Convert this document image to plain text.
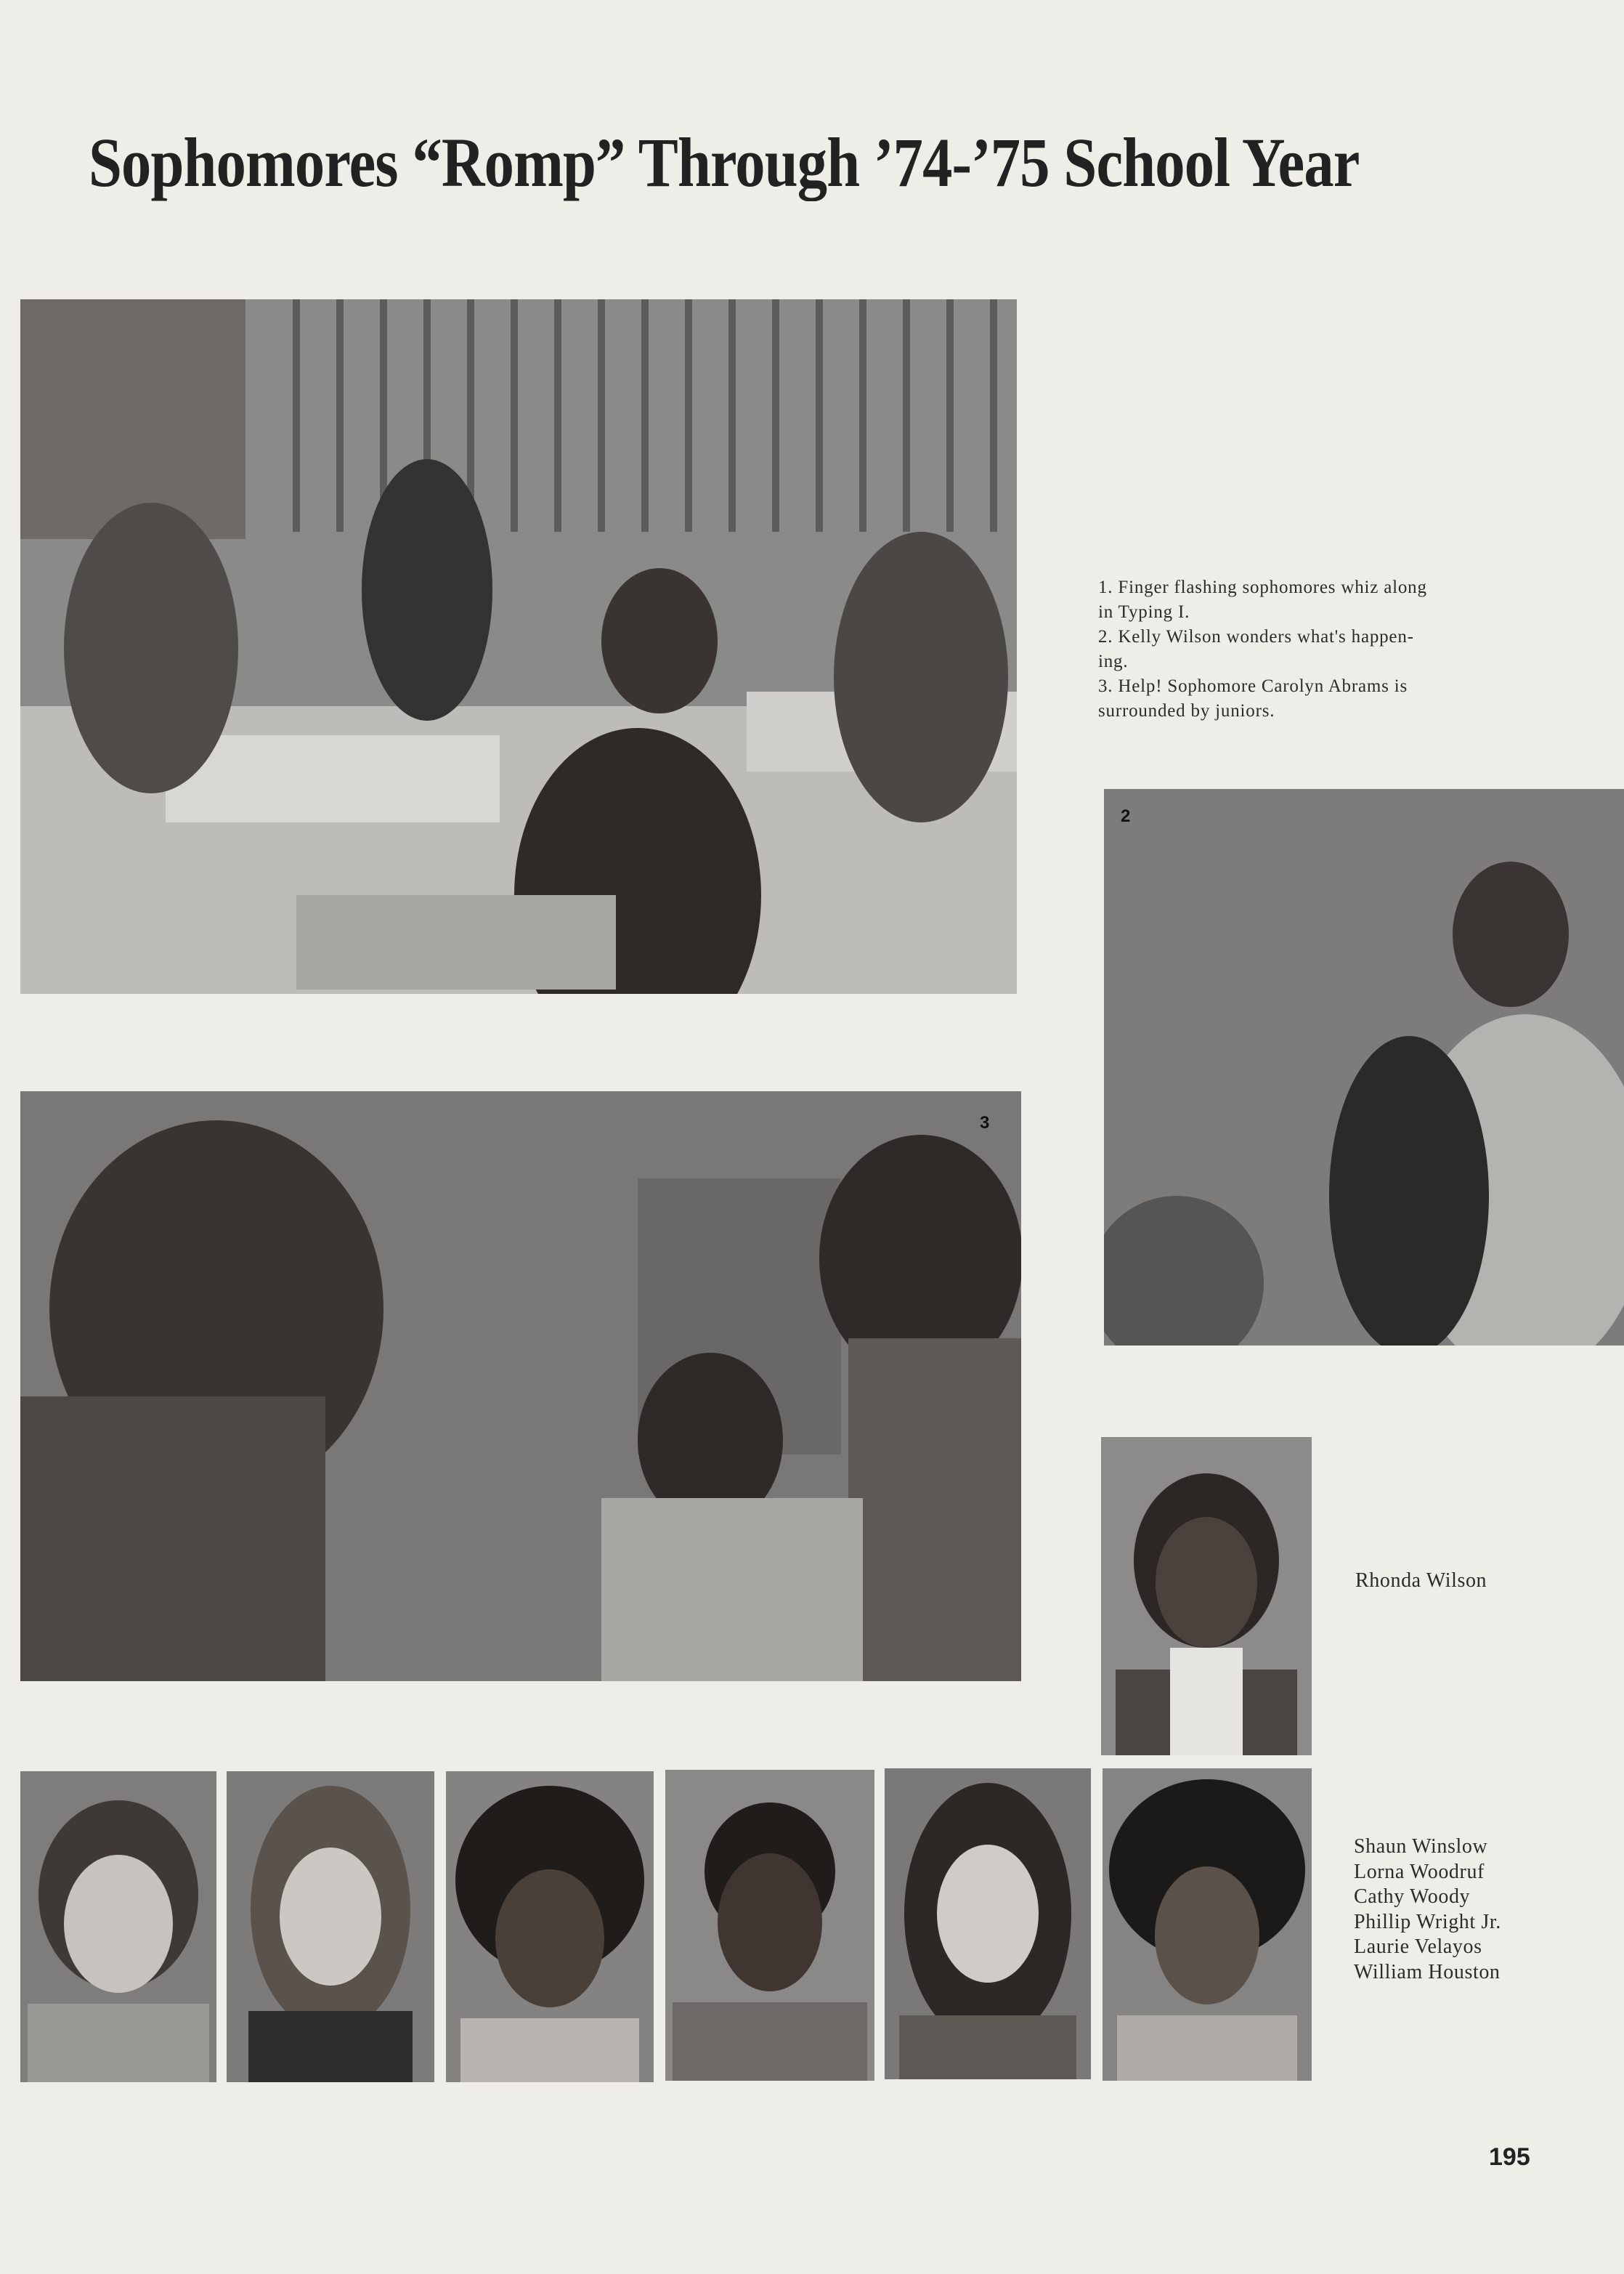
Sophomores “Romp” Through ’74-’75 School Year
2
3
1. Finger flashing sophomores whiz along
in Typing I.
2. Kelly Wilson wonders what's happen-
ing.
3. Help! Sophomore Carolyn Abrams is
surrounded by juniors.
Rhonda Wilson
Shaun Winslow
Lorna Woodruf
Cathy Woody
Phillip Wright Jr.
Laurie Velayos
William Houston
195
